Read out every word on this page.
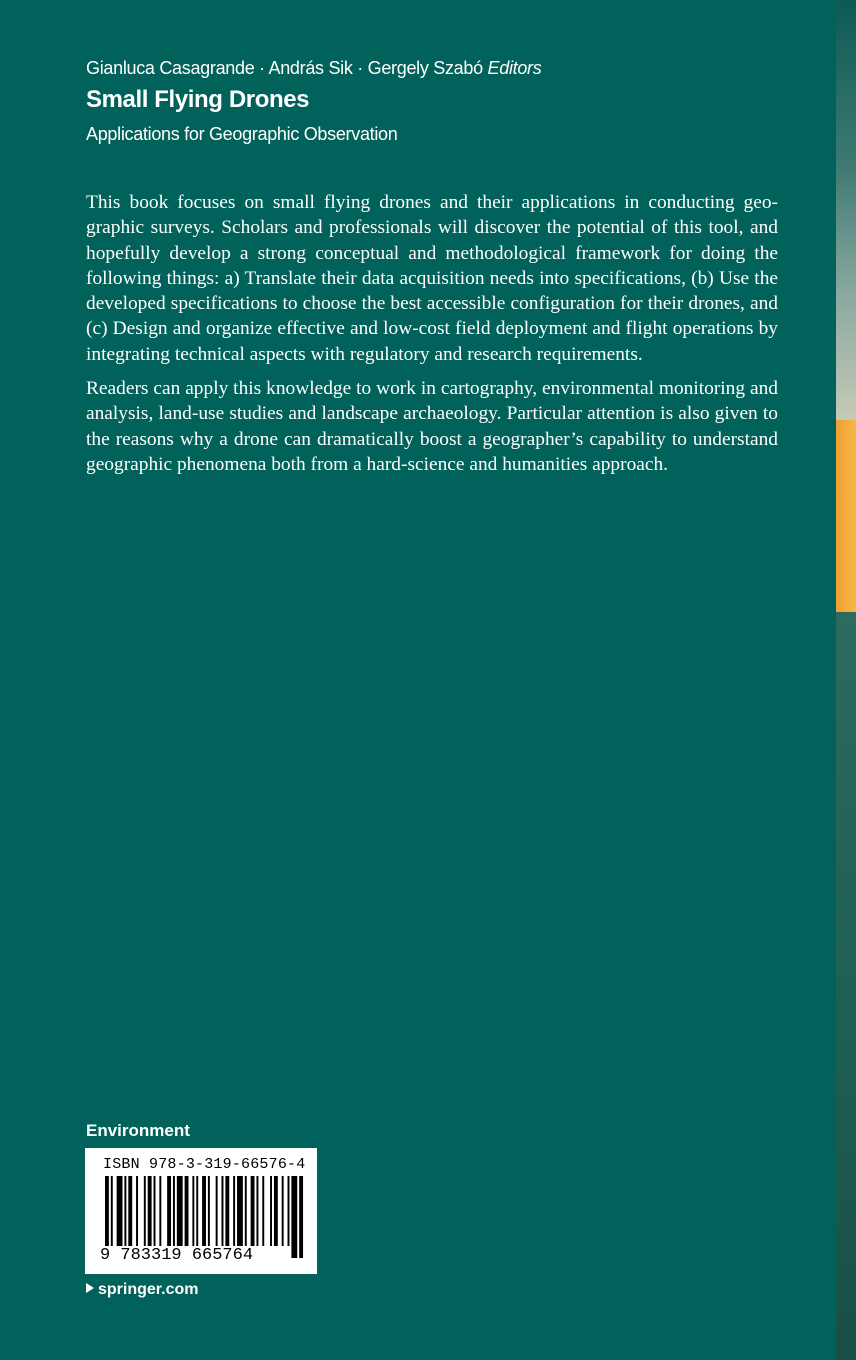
Gianluca Casagrande · András Sik · Gergely Szabó Editors
Small Flying Drones
Applications for Geographic Observation

This book focuses on small flying drones and their applications in conducting geo-graphic surveys. Scholars and professionals will discover the potential of this tool, and hopefully develop a strong conceptual and methodological framework for doing the following things: a) Translate their data acquisition needs into specifications, (b) Use the developed specifications to choose the best accessible configuration for their drones, and (c) Design and organize effective and low-cost field deployment and flight operations by integrating technical aspects with regulatory and research requirements.

Readers can apply this knowledge to work in cartography, environmental monitoring and analysis, land-use studies and landscape archaeology. Particular attention is also given to the reasons why a drone can dramatically boost a geographer’s capability to understand geographic phenomena both from a hard-science and humanities approach.

Environment
ISBN 978-3-319-66576-4
9 783319 665764
springer.com
